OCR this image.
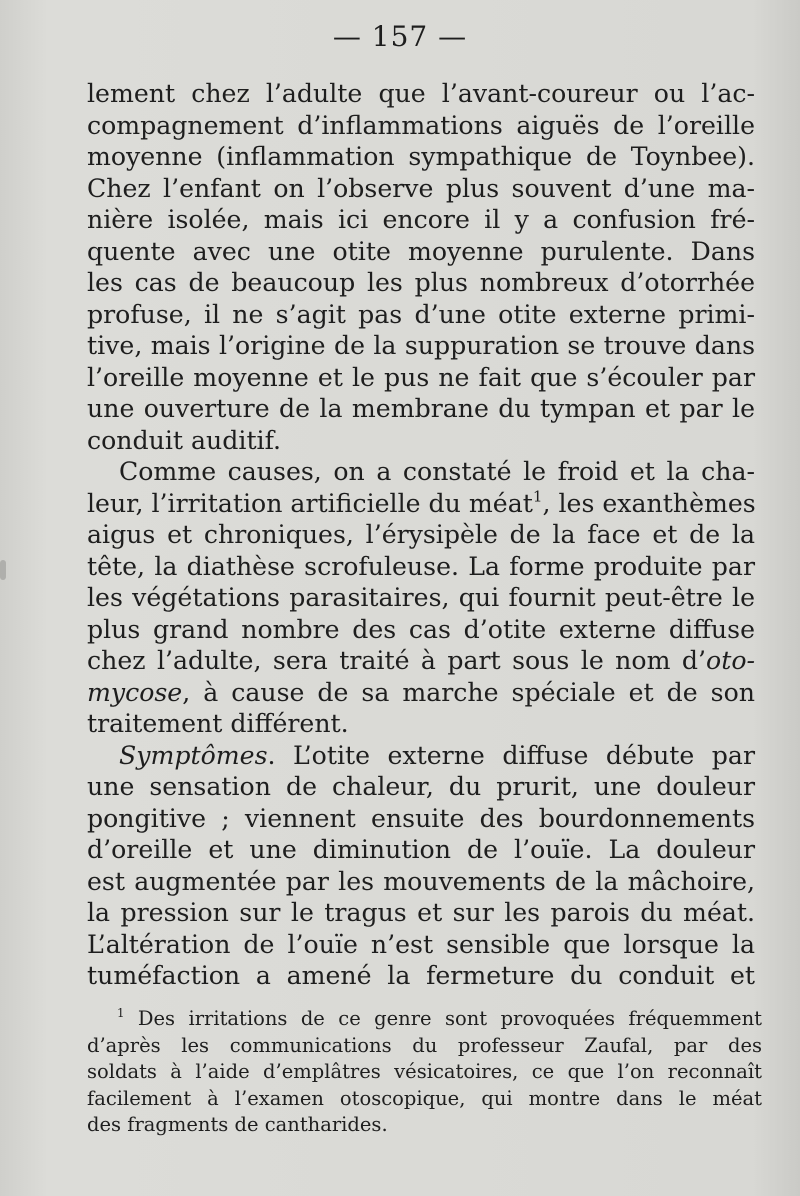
— 157 —
lement chez l’adulte que l’avant-coureur ou l’ac-
compagnement d’inflammations aiguës de l’oreille
moyenne (inflammation sympathique de Toynbee).
Chez l’enfant on l’observe plus souvent d’une ma-
nière isolée, mais ici encore il y a confusion fré-
quente avec une otite moyenne purulente. Dans
les cas de beaucoup les plus nombreux d’otorrhée
profuse, il ne s’agit pas d’une otite externe primi-
tive, mais l’origine de la suppuration se trouve dans
l’oreille moyenne et le pus ne fait que s’écouler par
une ouverture de la membrane du tympan et par le
conduit auditif.
Comme causes, on a constaté le froid et la cha-
leur, l’irritation artificielle du méat$^1$, les exanthèmes
aigus et chroniques, l’érysipèle de la face et de la
tête, la diathèse scrofuleuse. La forme produite par
les végétations parasitaires, qui fournit peut-être le
plus grand nombre des cas d’otite externe diffuse
chez l’adulte, sera traité à part sous le nom d’oto-
mycose, à cause de sa marche spéciale et de son
traitement différent.
Symptômes. L’otite externe diffuse débute par
une sensation de chaleur, du prurit, une douleur
pongitive ; viennent ensuite des bourdonnements
d’oreille et une diminution de l’ouïe. La douleur
est augmentée par les mouvements de la mâchoire,
la pression sur le tragus et sur les parois du méat.
L’altération de l’ouïe n’est sensible que lorsque la
tuméfaction a amené la fermeture du conduit et
$^1$ Des irritations de ce genre sont provoquées fréquemment
d’après les communications du professeur Zaufal, par des
soldats à l’aide d’emplâtres vésicatoires, ce que l’on reconnaît
facilement à l’examen otoscopique, qui montre dans le méat
des fragments de cantharides.
